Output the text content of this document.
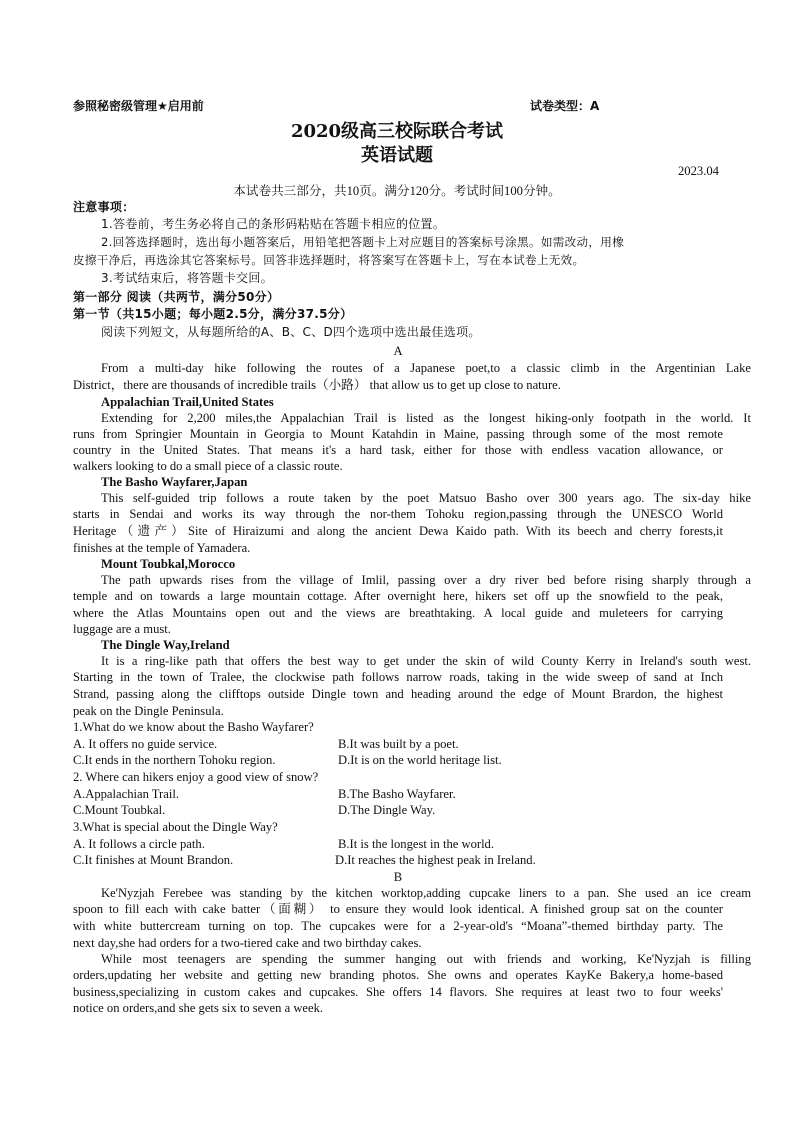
参照秘密级管理★启用前	试卷类型：A
2020级高三校际联合考试
英语试题
2023.04
本试卷共三部分，共10页。满分120分。考试时间100分钟。
注意事项：
1.答卷前，考生务必将自己的条形码粘贴在答题卡相应的位置。
2.回答选择题时，选出每小题答案后，用铅笔把答题卡上对应题目的答案标号涂黑。如需改动，用橡
皮擦干净后，再选涂其它答案标号。回答非选择题时，将答案写在答题卡上，写在本试卷上无效。
3.考试结束后，将答题卡交回。
第一部分 阅读（共两节，满分50分）
第一节（共15小题；每小题2.5分，满分37.5分）
阅读下列短文，从每题所给的A、B、C、D四个选项中选出最佳选项。
A
From a multi-day hike following the routes of a Japanese poet,to a classic climb in the Argentinian Lake
District，there are thousands of incredible trails（小路） that allow us to get up close to nature.
Appalachian Trail,United States
Extending for 2,200 miles,the Appalachian Trail is listed as the longest hiking-only footpath in the world. It
runs from Springier Mountain in Georgia to Mount Katahdin in Maine, passing through some of the most remote
country in the United States. That means it's a hard task, either for those with endless vacation allowance, or
walkers looking to do a small piece of a classic route.
The Basho Wayfarer,Japan
This self-guided trip follows a route taken by the poet Matsuo Basho over 300 years ago. The six-day hike
starts in Sendai and works its way through the nor-them Tohoku region,passing through the UNESCO World
Heritage（遗产）Site of Hiraizumi and along the ancient Dewa Kaido path. With its beech and cherry forests,it
finishes at the temple of Yamadera.
Mount Toubkal,Morocco
The path upwards rises from the village of Imlil, passing over a dry river bed before rising sharply through a
temple and on towards a large mountain cottage. After overnight here, hikers set off up the snowfield to the peak,
where the Atlas Mountains open out and the views are breathtaking. A local guide and muleteers for carrying
luggage are a must.
The Dingle Way,Ireland
It is a ring-like path that offers the best way to get under the skin of wild County Kerry in Ireland's south west.
Starting in the town of Tralee, the clockwise path follows narrow roads, taking in the wide sweep of sand at Inch
Strand, passing along the clifftops outside Dingle town and heading around the edge of Mount Brardon, the highest
peak on the Dingle Peninsula.
1.What do we know about the Basho Wayfarer?
A. It offers no guide service.	B.It was built by a poet.
C.It ends in the northern Tohoku region.	D.It is on the world heritage list.
2. Where can hikers enjoy a good view of snow?
A.Appalachian Trail.	B.The Basho Wayfarer.
C.Mount Toubkal.	D.The Dingle Way.
3.What is special about the Dingle Way?
A. It follows a circle path.	B.It is the longest in the world.
C.It finishes at Mount Brandon.	D.It reaches the highest peak in Ireland.
B
Ke'Nyzjah Ferebee was standing by the kitchen worktop,adding cupcake liners to a pan. She used an ice cream
spoon to fill each with cake batter（面糊） to ensure they would look identical. A finished group sat on the counter
with white buttercream turning on top. The cupcakes were for a 2-year-old's “Moana”-themed birthday party. The
next day,she had orders for a two-tiered cake and two birthday cakes.
While most teenagers are spending the summer hanging out with friends and working, Ke'Nyzjah is filling
orders,updating her website and getting new branding photos. She owns and operates KayKe Bakery,a home-based
business,specializing in custom cakes and cupcakes. She offers 14 flavors. She requires at least two to four weeks'
notice on orders,and she gets six to seven a week.
